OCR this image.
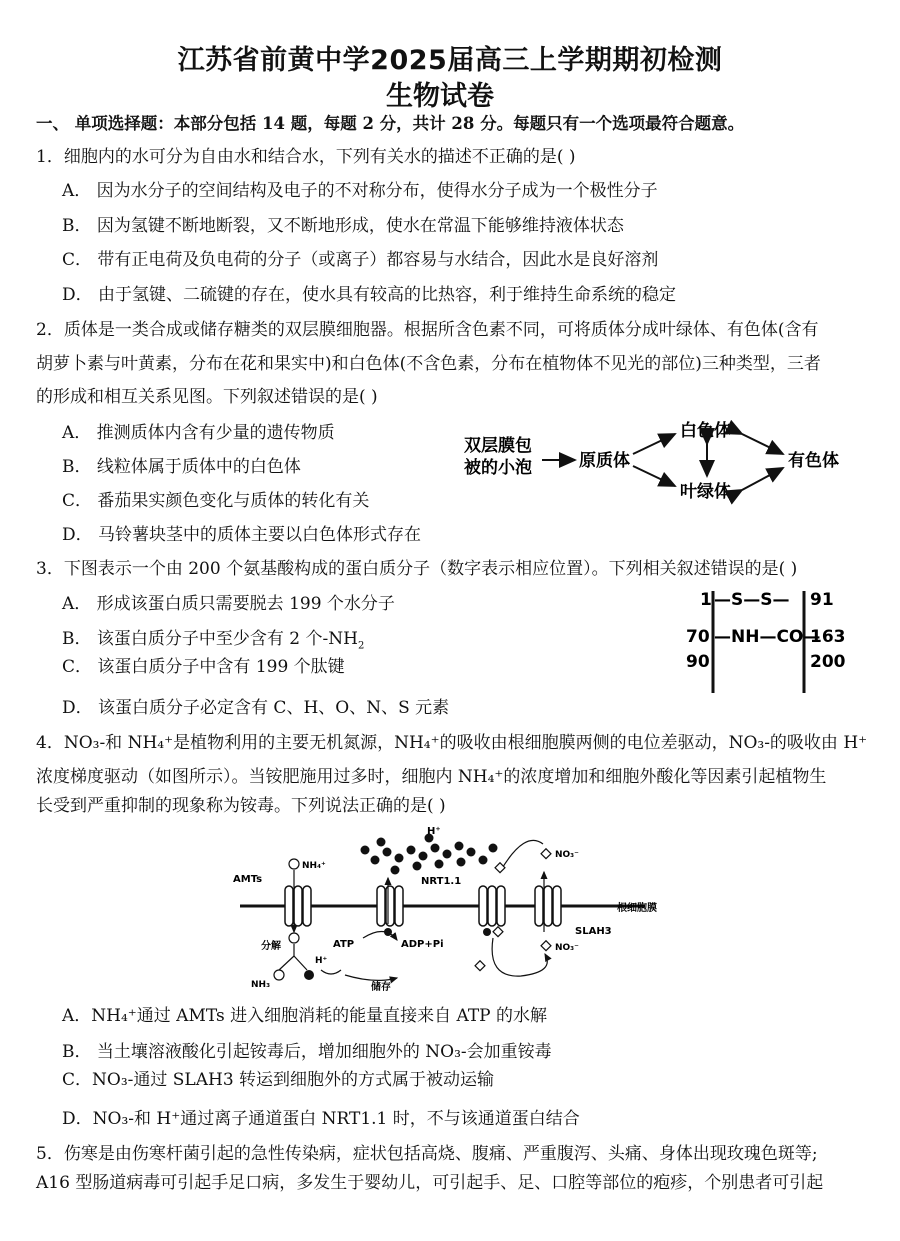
江苏省前黄中学2025届高三上学期期初检测
生物试卷
一、 单项选择题：本部分包括 14 题，每题 2 分，共计 28 分。每题只有一个选项最符合题意。
1．细胞内的水可分为自由水和结合水，下列有关水的描述不正确的是( )
A． 因为水分子的空间结构及电子的不对称分布，使得水分子成为一个极性分子
B． 因为氢键不断地断裂，又不断地形成，使水在常温下能够维持液体状态
C． 带有正电荷及负电荷的分子（或离子）都容易与水结合，因此水是良好溶剂
D． 由于氢键、二硫键的存在，使水具有较高的比热容，利于维持生命系统的稳定
2．质体是一类合成或储存糖类的双层膜细胞器。根据所含色素不同，可将质体分成叶绿体、有色体(含有
胡萝卜素与叶黄素，分布在花和果实中)和白色体(不含色素，分布在植物体不见光的部位)三种类型，三者
的形成和相互关系见图。下列叙述错误的是( )
A． 推测质体内含有少量的遗传物质
B． 线粒体属于质体中的白色体
C． 番茄果实颜色变化与质体的转化有关
D． 马铃薯块茎中的质体主要以白色体形式存在
双层膜包
被的小泡	原质体
白色体
叶绿体
有色体
3．下图表示一个由 200 个氨基酸构成的蛋白质分子（数字表示相应位置）。下列相关叙述错误的是( )
A． 形成该蛋白质只需要脱去 199 个水分子
B． 该蛋白质分子中至少含有 2 个$-NH_2$
C． 该蛋白质分子中含有 199 个肽键
D． 该蛋白质分子必定含有 C、H、O、N、S 元素
1 —S—S— 91
70 —NH—CO—
163
90	200
4．NO₃-和 NH₄⁺是植物利用的主要无机氮源，NH₄⁺的吸收由根细胞膜两侧的电位差驱动，NO₃-的吸收由 H⁺
浓度梯度驱动（如图所示）。当铵肥施用过多时，细胞内 NH₄⁺的浓度增加和细胞外酸化等因素引起植物生
长受到严重抑制的现象称为铵毒。下列说法正确的是( )
根细胞膜
AMTs
NH₄⁺
分解
NH₃
H⁺
ATP	ADP+Pi
H⁺
NRT1.1
NO₃⁻
SLAH3
NO₃⁻
储存
A．NH₄⁺通过 AMTs 进入细胞消耗的能量直接来自 ATP 的水解
B． 当土壤溶液酸化引起铵毒后，增加细胞外的 NO₃-会加重铵毒
C．NO₃-通过 SLAH3 转运到细胞外的方式属于被动运输
D．NO₃-和 H⁺通过离子通道蛋白 NRT1.1 时，不与该通道蛋白结合
5．伤寒是由伤寒杆菌引起的急性传染病，症状包括高烧、腹痛、严重腹泻、头痛、身体出现玫瑰色斑等;
A16 型肠道病毒可引起手足口病，多发生于婴幼儿，可引起手、足、口腔等部位的疱疹，个别患者可引起
